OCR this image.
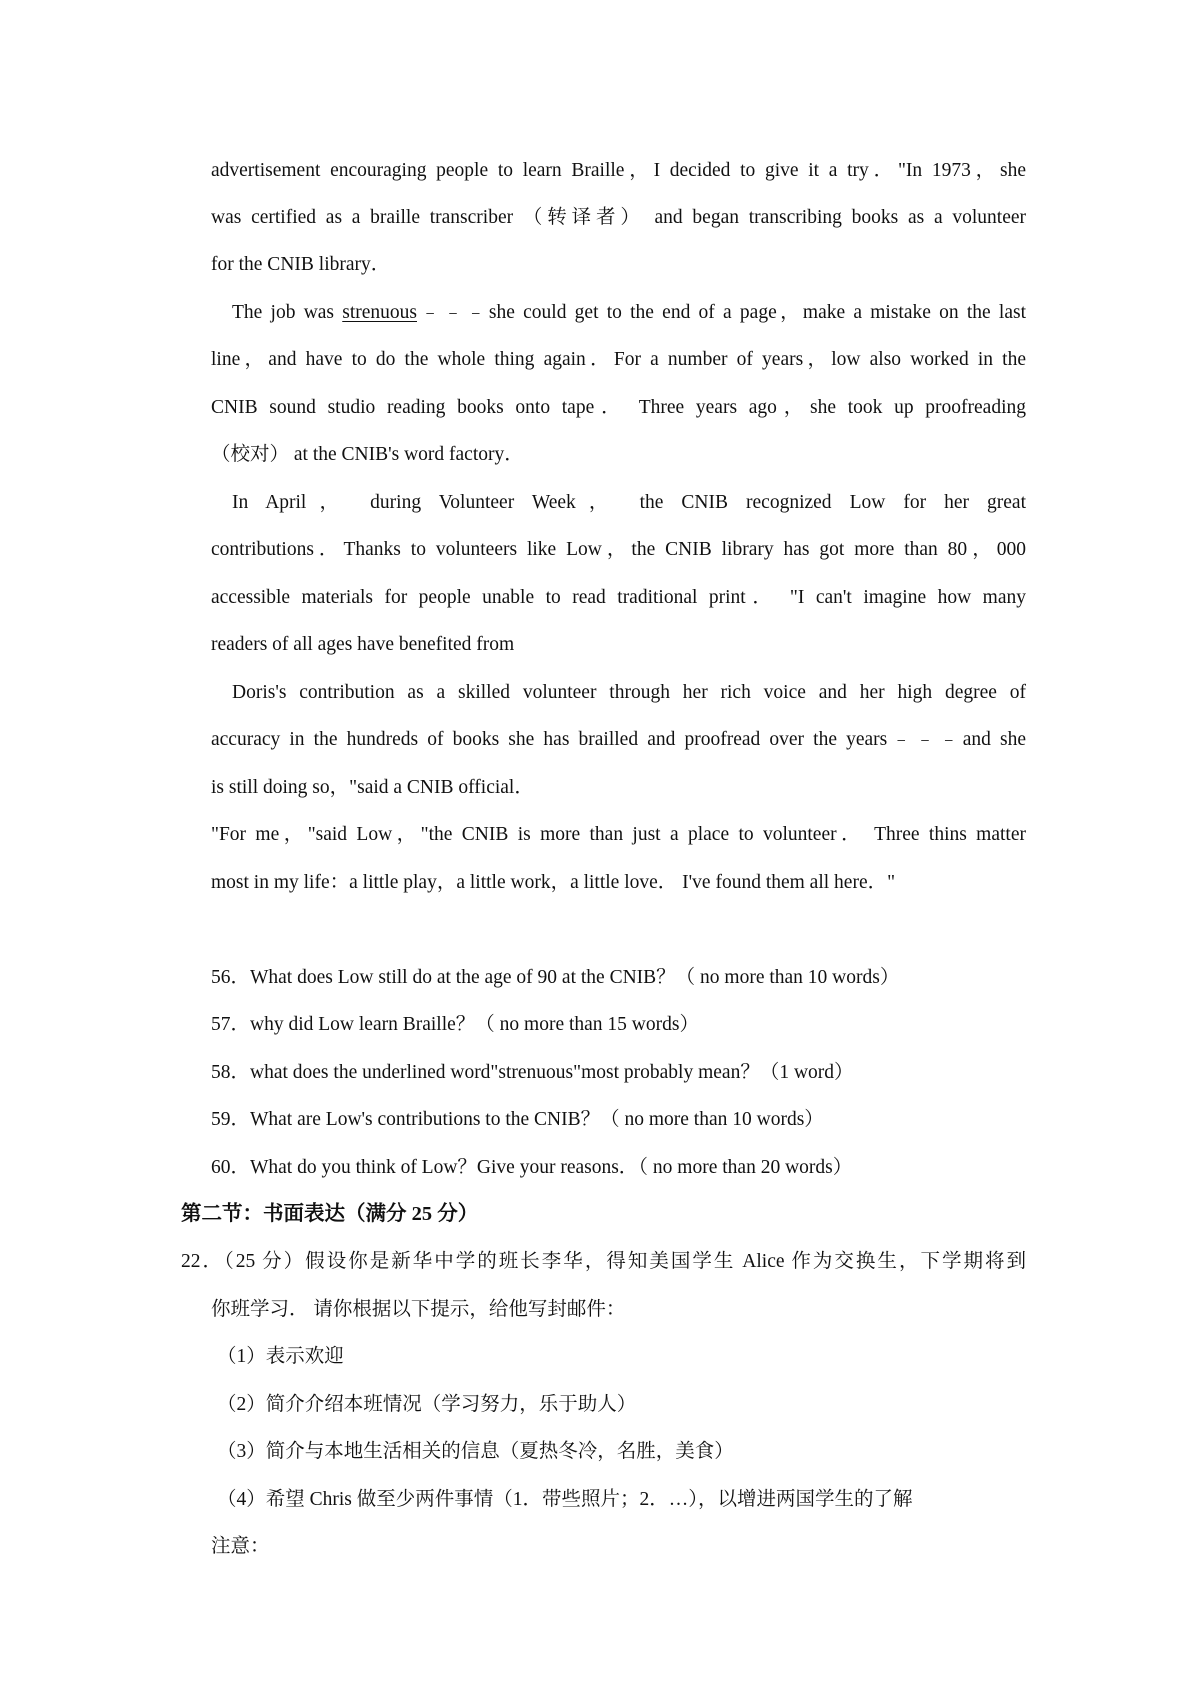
advertisement encouraging people to learn Braille，I decided to give it a try．"In 1973，she
was certified as a braille transcriber （转译者） and began transcribing books as a volunteer
for the CNIB library．
The job was strenuous﹣﹣﹣she could get to the end of a page，make a mistake on the last
line，and have to do the whole thing again．For a number of years，low also worked in the
CNIB sound studio reading books onto tape． Three years ago，she took up proofreading
（校对） at the CNIB's word factory．
In April， during Volunteer Week， the CNIB recognized Low for her great
contributions．Thanks to volunteers like Low，the CNIB library has got more than 80，000
accessible materials for people unable to read traditional print． "I can't imagine how many
readers of all ages have benefited from
Doris's contribution as a skilled volunteer through her rich voice and her high degree of
accuracy in the hundreds of books she has brailled and proofread over the years﹣﹣﹣and she
is still doing so，"said a CNIB official．
"For me，"said Low，"the CNIB is more than just a place to volunteer． Three thins matter
most in my life：a little play，a little work，a little love． I've found them all here．"
56．What does Low still do at the age of 90 at the CNIB？（ no more than 10 words）
57．why did Low learn Braille？（ no more than 15 words）
58．what does the underlined word"strenuous"most probably mean？（1 word）
59．What are Low's contributions to the CNIB？（ no more than 10 words）
60．What do you think of Low？Give your reasons．（ no more than 20 words）
第二节：书面表达（满分 25 分）
22．（25 分）假设你是新华中学的班长李华，得知美国学生 Alice 作为交换生，下学期将到
你班学习． 请你根据以下提示，给他写封邮件：
（1）表示欢迎
（2）简介介绍本班情况（学习努力，乐于助人）
（3）简介与本地生活相关的信息（夏热冬冷，名胜，美食）
（4）希望 Chris 做至少两件事情（1．带些照片；2．…），以增进两国学生的了解
注意：
